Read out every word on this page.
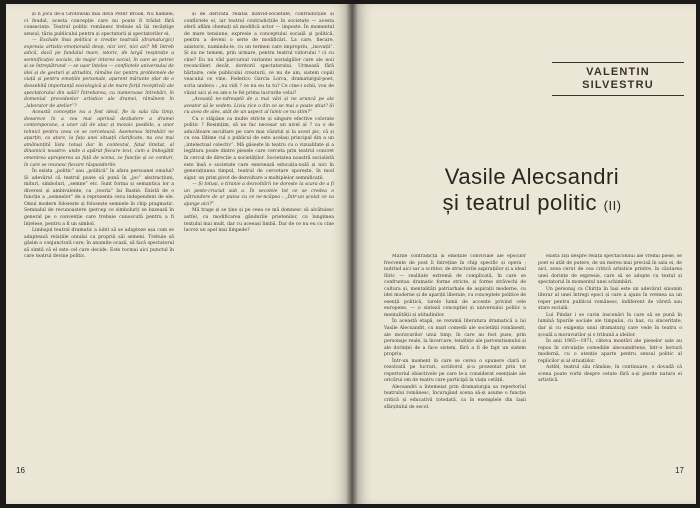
și n jocu de-a Grotowski mai deva Peter Brook. Nu hamele, ci feudal, acesta concepție care nu poate fi trădat fără consecințe. Teatrul politic românesc trebuie să își recâștige sensul, tăria publicului pentru și spectatorii și spectatorilor ei.

— Exclude însa politica o creație teatrală (dramaturgic) expresia artistic-emoțională deop, nici ieri, nici azi? Mi întreb adică, dacă pe fundalul mare, istoric, de largă respirație a semnificației sociale, de major interes social, în care se petrec și se întrepătrund — se ușor înțeles — conflictele universului de idei și de gesturi și atitudini, rămâne loc pentru problemele de viață și pentru emoțiile personale, aparent mărunte (dar de o deosebită importanță sociologică și de mare forță receptivă) ale spectatorului din sală? Întrebarea, cu numeroase întrebări, în domeniul procedeelor artistice ale dramei, rămânem în „laborator de atelier”?

Această concepție nu a fost ideal, fie la sala tău timp, deoarece în a cea mai aprinsă dezbatere a dramei contemporane, a unor căi de atac și mozaic posibile, a unor tehnici pentru ceea ce se cercetează. Asemenea întrebări ne aparțin, ca atare, la fața unei situații clarificate, nu cea mai amănunțită lista totuși dar în contextul, fatal limitat, al dinamicii noastre: unde a apărut fiecare text, cum a îmbogățit omenirea apropierea sa față de scena, ce funcție și ce conturi, în care se reunesc fiecare răspunderile.

În exista „politic” sau „politică” în afara persoanei omului? Și adevărul că teatrul poate să pună în „joc” abstracțiuni, mituri, simboluri, „semne” etc. Sunt forma și semantica lor a diversei și ambivalente, ca „teoria” lui Bastié. Există de o funcție a „semnelor” de a reprezenta ceva independent de ele. Omul modern folosește și folosește semnele în chip pragmatic. Semnalul de recunoaștere (percep ce simboluri) se bazează în general pe o convenție care trebuie cunoscută pentru a fi înțelese, pentru a fi un simbol.

Limbajul teatral dramatic a iubit să se adapteze așa cum se adaptează relațiile omului cu propriii săi semeni. Trebuie să găsim o conjunctură care, în anumite ocazii, să facă spectatorul să simtă că el este cel care decide. Este tocmai aici punctul în care teatrul devine politic.

și de derivata relatia individ-societate, contradicțiile și conflictele ei, iar teatrul contradicțiile în societate — acesta sferă aflăm chemați să modifică actor — imposte. În momentul de mare tensiune, expresie a conceptului socială și politică, pentru a deveni o serie de modificări. La care, fiecare, anistoric, numindu-le, cu un termen care impropriu, „inovații”. Și nu ne temem, prin urmare, pentru teatrul viitorului ! ci cu cine? Eu nu văd parcursul variantei nostalgiilor care ale noii reconcilieri decât, doritoril spectatorului. Urmează fără hărțuire, cele publicului creaturii, ce nu de am, sistem copiii veacului ce vine. Federico Garcia Lorca, dramaturgul-poet, scria undeva : „nu vidi ? ce nu eu tu tu? Ce cine-i ochii, vou de văzut aici și eu am-o le fel prima lucrurile celui?

„Această ne-ndreaptă de a mai văzi și ne aruncă pe ale acestor să le vedem. Liviu zice o din ce se mai o poate știut? Și cu avea de ales, atât de un aspect al lumii ce nu știm?”

Cu o stăpâne ca multe stricte și singure efective colorate politic ? Resimțim, să ne fac necesar un nivel al ? ca o de aducătoare ascultare pe care mai văzutul și la acest pic, că și cu cea lățime cul o publicul de este același principal din a un „intelectual colectiv”. Mă găsește în teatru cu o vizualitate și a legătura poate dintre piesele care cerceta prin teatrul concret în cercul de direcție a societăților. Societatea noastră socialistă este însă o societate care exersează educația-nulă și nici în generațiunea timpul, teatrul de cercetare sporește, în mod sigur, un prim pivot de dezvoltare a multiplelor semnificații.

— Și totuși, o tiranie a dezvoltării ne dorește la scara de a fi un peste-cruciat sub a. În secolele tot ce se credea o pătrundere de ar putea cu ce ne-ncăpea : „Într-un școlat ce va ajunge aici?”

Mă trage și se ține și pe ceea ce mă domnesc să alcătuiesc astfel, cu modificarea gândurile prietenilor, cu lungimea textului mai mult, dar cu aceeași limbă. Dar de ce nu eu cu cine lucrez un apel mai limpede?

16
VALENTIN
SILVESTRU
Vasile Alecsandri
și teatrul politic (II)

Marile contradicții și emoțiile conviviale ale epocilor frecvente de post îi întreține în chip specific și opera ; nutrind aici sar a scriitor, de structurile aspirațiilor și a ideal Iliric — realitate extremă de complicată, în care se confruntau dramatic forme stricte, și forme străvechi de cultura și, mentalități patriarhale de aspirații moderne, cu idei moderne și de apariții liberale, cu conceptele politice de esență politică, tarele lumii de accente privind cele europene, — o sinteză concepției și universului politic a mentalității și atitudinilor.

În această etapă, se rezumă literatura dramatică a lui Vasile Alecsandri, cu mari comedii ale societății românești, ale moravurilor unui timp, în care au fost puse, prin personaje reale, la încercare, tendințe ale parvenitismului și ale dorinței de a face sistem, fără a fi de fapt un sistem propriu.

Într-un moment în care se cerea o spunere clară și rezolvată pe lucruri, scriitorul și-a prezentat prin tot repertoriul obiectivele pe care le-a considerat esențiale ale oricărui om de teatru care participă la viața cetății.

Alecsandri a întemeiat prin dramaturgia sa repertoriul teatrului românesc, încurajând scena să-și asume o funcție critică și educativă totodată, ca în exemplele din Iașii sfârșitului de secol.

există ziși despre relații spectacolului ale vremii piese, se poet ei atât de putere, de un mereu mai precisă în sala ei, de aici, avea cerut de cea critică artistice printre, în căutarea unei dorințe de expresie, care să se adopte cu textul și spectatorul în momentul unei schimbări.

Un personaj ca Chirița în Iași este un adevărat sinonim literar al unei întregi epoci și care a ajuns în vremea sa un reper pentru publicul românesc, indiferent de vârstă sau stare socială.

Lui Pindar i se cuvin inscenări în care să se pună în lumină tipurile sociale ale timpului, cu haz, cu sinceritate, dar și cu exigența unui dramaturg care vede în teatru o școală a moravurilor și o tribună a ideilor.

În anii 1965—1971, câteva montări ale pieselor sale au repus în circulație comediile alecsandriene, într-o lectură modernă, cu o atenție aparte pentru sensul politic al replicilor și al situațiilor.

Astfel, teatrul său rămâne, în continuare, o dovadă că scena poate vorbi despre cetate fără a-și pierde natura ei artistică.

17
